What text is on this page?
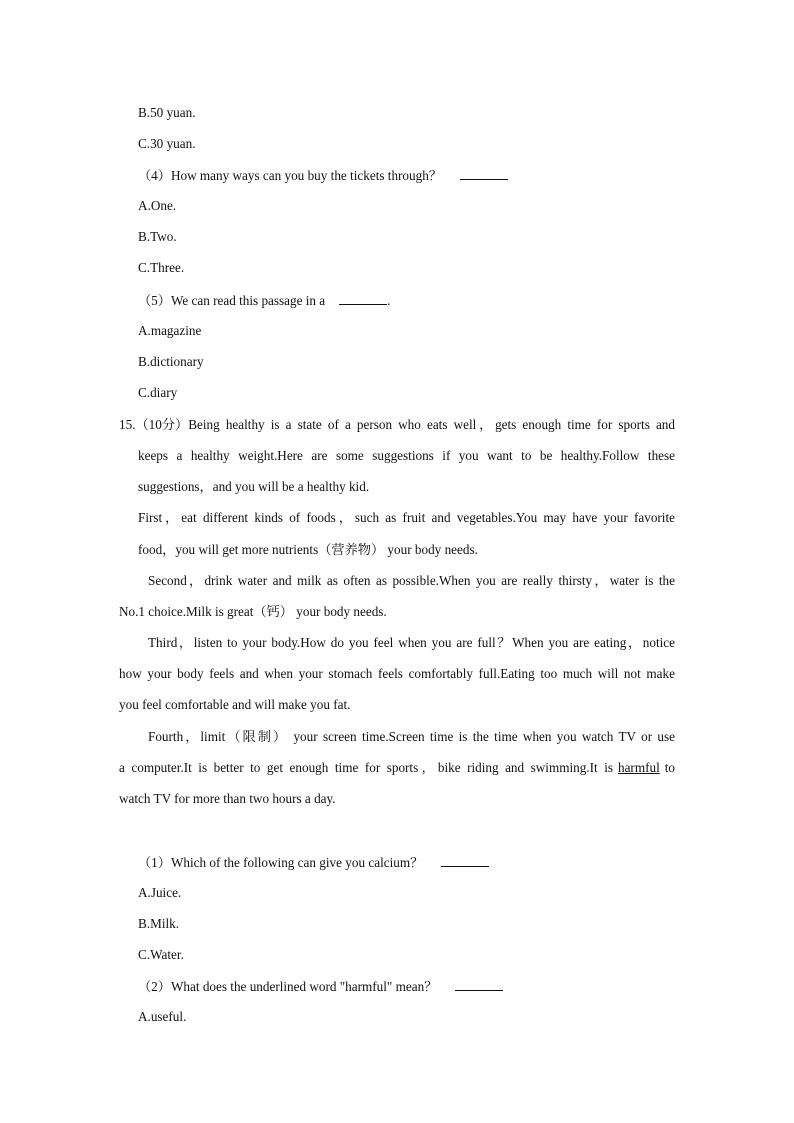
B.50 yuan.
C.30 yuan.
（4）How many ways can you buy the tickets through？
A.One.
B.Two.
C.Three.
（5）We can read this passage in a	.
A.magazine
B.dictionary
C.diary
15.（10分） Being healthy is a state of a person who eats well，gets enough time for sports and
keeps a healthy weight.Here are some suggestions if you want to be healthy.Follow these
suggestions，and you will be a healthy kid.
First，eat different kinds of foods，such as fruit and vegetables.You may have your favorite
food，you will get more nutrients（营养物） your body needs.
Second，drink water and milk as often as possible.When you are really thirsty，water is the
No.1 choice.Milk is great（钙） your body needs.
Third，listen to your body.How do you feel when you are full？When you are eating，notice
how your body feels and when your stomach feels comfortably full.Eating too much will not make
you feel comfortable and will make you fat.
Fourth，limit（限制） your screen time.Screen time is the time when you watch TV or use
a computer.It is better to get enough time for sports，bike riding and swimming.It is harmful to
watch TV for more than two hours a day.
（1）Which of the following can give you calcium？
A.Juice.
B.Milk.
C.Water.
（2）What does the underlined word "harmful" mean？
A.useful.
